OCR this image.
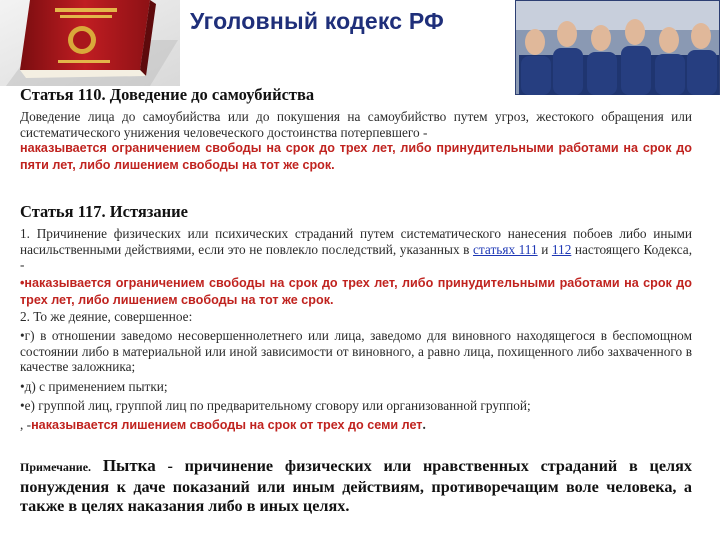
Уголовный кодекс РФ
Статья 110. Доведение до самоубийства

Доведение лица до самоубийства или до покушения на самоубийство путем угроз, жестокого обращения или систематического унижения человеческого достоинства потерпевшего -
наказывается ограничением свободы на срок до трех лет, либо принудительными работами на срок до пяти лет, либо лишением свободы на тот же срок.

Статья 117. Истязание

1. Причинение физических или психических страданий путем систематического нанесения побоев либо иными насильственными действиями, если это не повлекло последствий, указанных в статьях 111 и 112 настоящего Кодекса, -

•наказывается ограничением свободы на срок до трех лет, либо принудительными работами на срок до трех лет, либо лишением свободы на тот же срок.

2. То же деяние, совершенное:

•г) в отношении заведомо несовершеннолетнего или лица, заведомо для виновного находящегося в беспомощном состоянии либо в материальной или иной зависимости от виновного, а равно лица, похищенного либо захваченного в качестве заложника;

•д) с применением пытки;

•е) группой лиц, группой лиц по предварительному сговору или организованной группой;

, -наказывается лишением свободы на срок от трех до семи лет.

Примечание. Пытка - причинение физических или нравственных страданий в целях понуждения к даче показаний или иным действиям, противоречащим воле человека, а также в целях наказания либо в иных целях.
